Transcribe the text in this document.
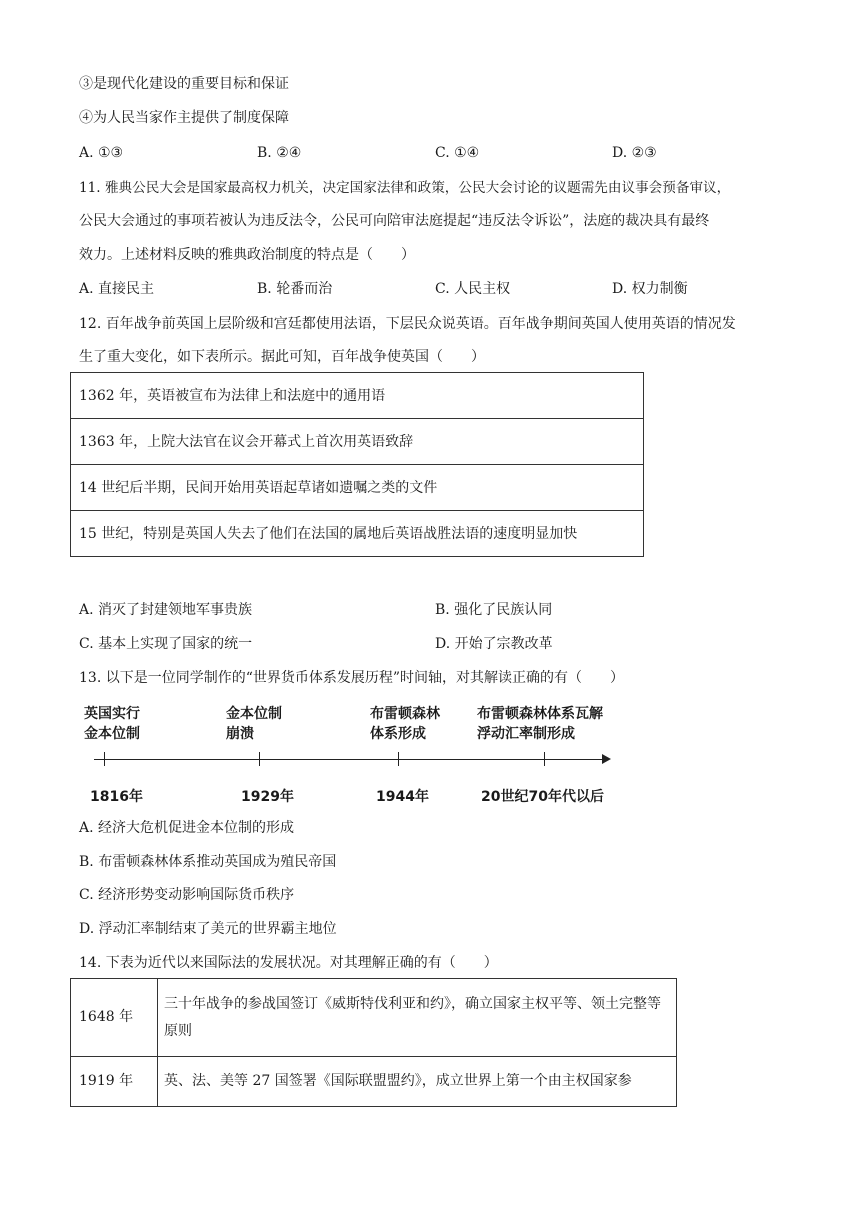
③是现代化建设的重要目标和保证
④为人民当家作主提供了制度保障
A. ①③	B. ②④	C. ①④	D. ②③
11. 雅典公民大会是国家最高权力机关，决定国家法律和政策，公民大会讨论的议题需先由议事会预备审议，
公民大会通过的事项若被认为违反法令，公民可向陪审法庭提起“违反法令诉讼”，法庭的裁决具有最终
效力。上述材料反映的雅典政治制度的特点是（　　）
A. 直接民主	B. 轮番而治	C. 人民主权	D. 权力制衡
12. 百年战争前英国上层阶级和宫廷都使用法语，下层民众说英语。百年战争期间英国人使用英语的情况发
生了重大变化，如下表所示。据此可知，百年战争使英国（　　）
1362 年，英语被宣布为法律上和法庭中的通用语
1363 年，上院大法官在议会开幕式上首次用英语致辞
14 世纪后半期，民间开始用英语起草诸如遗嘱之类的文件
15 世纪，特别是英国人失去了他们在法国的属地后英语战胜法语的速度明显加快
A. 消灭了封建领地军事贵族	B. 强化了民族认同
C. 基本上实现了国家的统一	D. 开始了宗教改革
13. 以下是一位同学制作的“世界货币体系发展历程”时间轴，对其解读正确的有（　　）
英国实行
金本位制
金本位制
崩溃
布雷顿森林
体系形成
布雷顿森林体系瓦解
浮动汇率制形成
1816年	1929年	1944年	20世纪70年代以后
A. 经济大危机促进金本位制的形成
B. 布雷顿森林体系推动英国成为殖民帝国
C. 经济形势变动影响国际货币秩序
D. 浮动汇率制结束了美元的世界霸主地位
14. 下表为近代以来国际法的发展状况。对其理解正确的有（　　）
1648 年	三十年战争的参战国签订《威斯特伐利亚和约》，确立国家主权平等、领土完整等原则
1919 年	英、法、美等 27 国签署《国际联盟盟约》，成立世界上第一个由主权国家参
